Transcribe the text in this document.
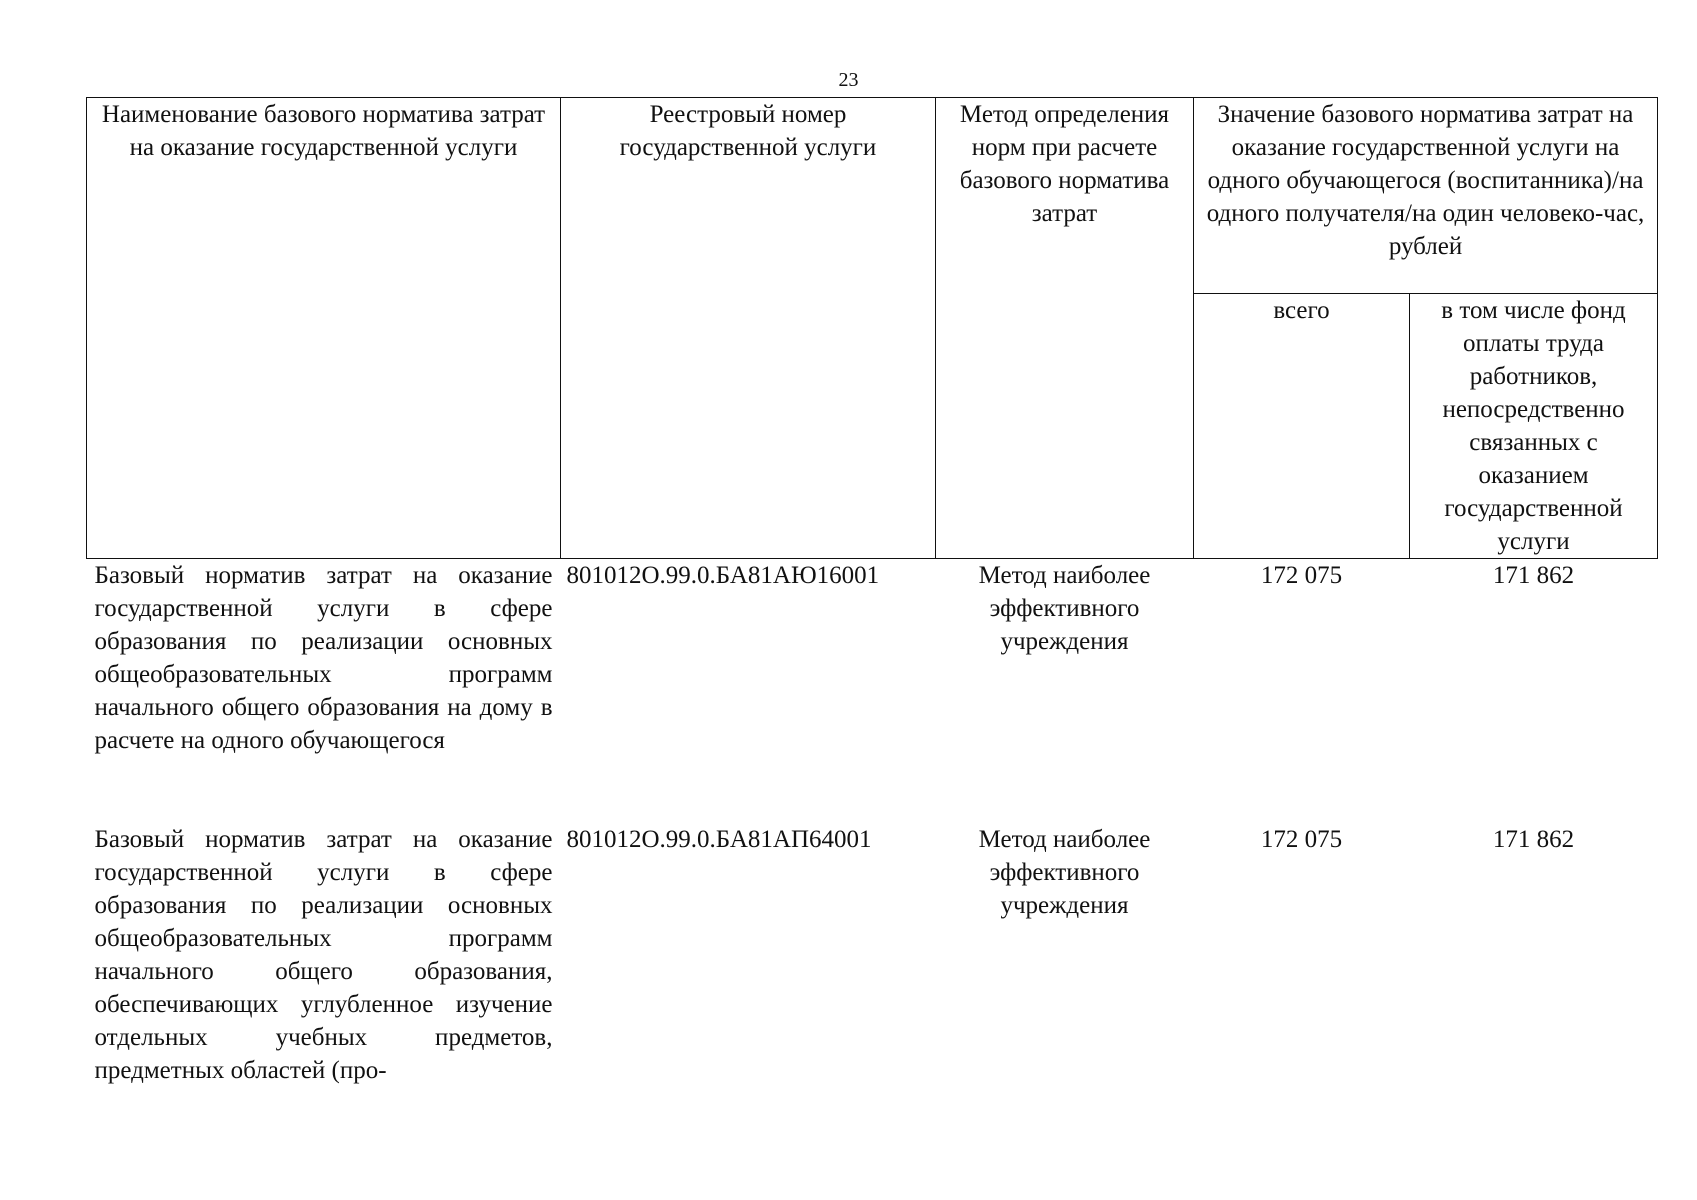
23
Наименование базового норматива затрат на оказание государственной услуги	Реестровый номер государственной услуги	Метод определения норм при расчете базового норматива затрат	Значение базового норматива затрат на оказание государственной услуги на одного обучающегося (воспитанника)/на одного получателя/на один человеко-час, рублей	
			всего	в том числе фонд оплаты труда работников, непосредственно связанных с оказанием государственной услуги
Базовый норматив затрат на оказание государственной услуги в сфере образования по реализации основных общеобразовательных программ начального общего образования на дому в расчете на одного обучающегося	801012О.99.0.БА81АЮ16001	Метод наиболее эффективного учреждения	172 075	171 862
Базовый норматив затрат на оказание государственной услуги в сфере образования по реализации основных общеобразовательных программ начального общего образования, обеспечивающих углубленное изучение отдельных учебных предметов, предметных областей (про-	801012О.99.0.БА81АП64001	Метод наиболее эффективного учреждения	172 075	171 862
